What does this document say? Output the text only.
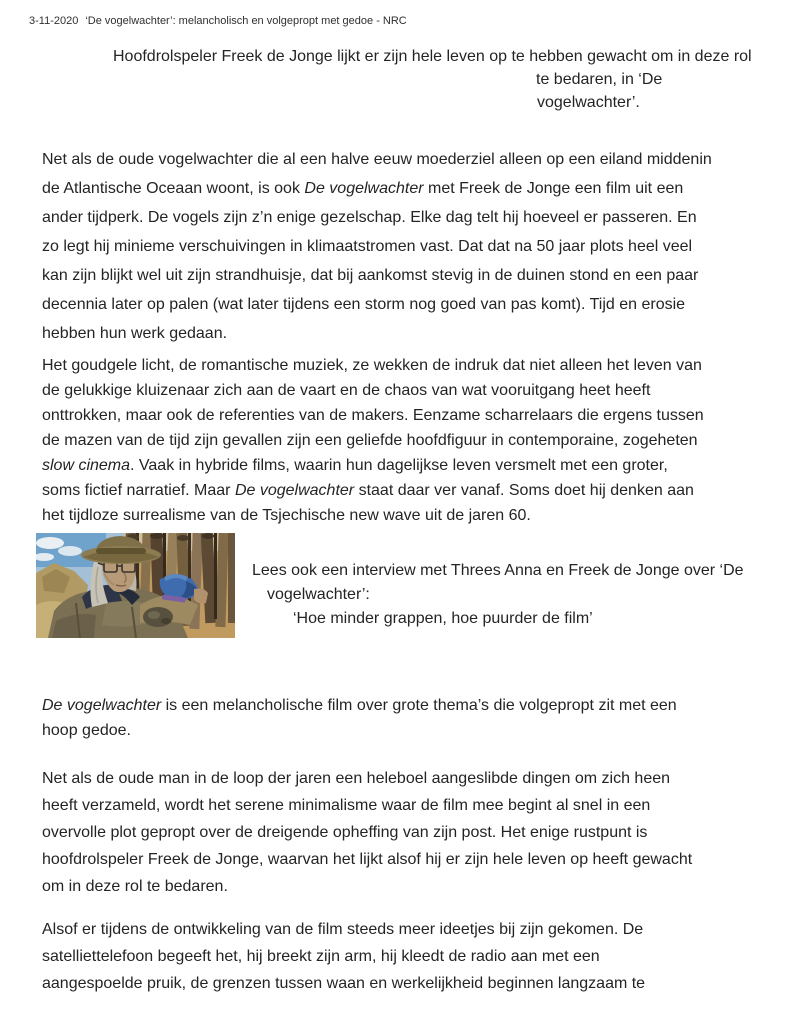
3-11-2020 ‘De vogelwachter’: melancholisch en volgepropt met gedoe - NRC
Hoofdrolspeler Freek de Jonge lijkt er zijn hele leven op te hebben gewacht om in deze rol
te bedaren, in ‘De
vogelwachter’.
Net als de oude vogelwachter die al een halve eeuw moederziel alleen op een eiland middenin
de Atlantische Oceaan woont, is ook De vogelwachter met Freek de Jonge een film uit een
ander tijdperk. De vogels zijn z’n enige gezelschap. Elke dag telt hij hoeveel er passeren. En
zo legt hij minieme verschuivingen in klimaatstromen vast. Dat dat na 50 jaar plots heel veel
kan zijn blijkt wel uit zijn strandhuisje, dat bij aankomst stevig in de duinen stond en een paar
decennia later op palen (wat later tijdens een storm nog goed van pas komt). Tijd en erosie
hebben hun werk gedaan.
Het goudgele licht, de romantische muziek, ze wekken de indruk dat niet alleen het leven van
de gelukkige kluizenaar zich aan de vaart en de chaos van wat vooruitgang heet heeft
onttrokken, maar ook de referenties van de makers. Eenzame scharrelaars die ergens tussen
de mazen van de tijd zijn gevallen zijn een geliefde hoofdfiguur in contemporaine, zogeheten
slow cinema. Vaak in hybride films, waarin hun dagelijkse leven versmelt met een groter,
soms fictief narratief. Maar De vogelwachter staat daar ver vanaf. Soms doet hij denken aan
het tijdloze surrealisme van de Tsjechische new wave uit de jaren 60.
Lees ook een interview met Threes Anna en Freek de Jonge over ‘De
vogelwachter’:
‘Hoe minder grappen, hoe puurder de film’
De vogelwachter is een melancholische film over grote thema’s die volgepropt zit met een
hoop gedoe.
Net als de oude man in de loop der jaren een heleboel aangeslibde dingen om zich heen
heeft verzameld, wordt het serene minimalisme waar de film mee begint al snel in een
overvolle plot gepropt over de dreigende opheffing van zijn post. Het enige rustpunt is
hoofdrolspeler Freek de Jonge, waarvan het lijkt alsof hij er zijn hele leven op heeft gewacht
om in deze rol te bedaren.
Alsof er tijdens de ontwikkeling van de film steeds meer ideetjes bij zijn gekomen. De
satelliettelefoon begeeft het, hij breekt zijn arm, hij kleedt de radio aan met een
aangespoelde pruik, de grenzen tussen waan en werkelijkheid beginnen langzaam te
